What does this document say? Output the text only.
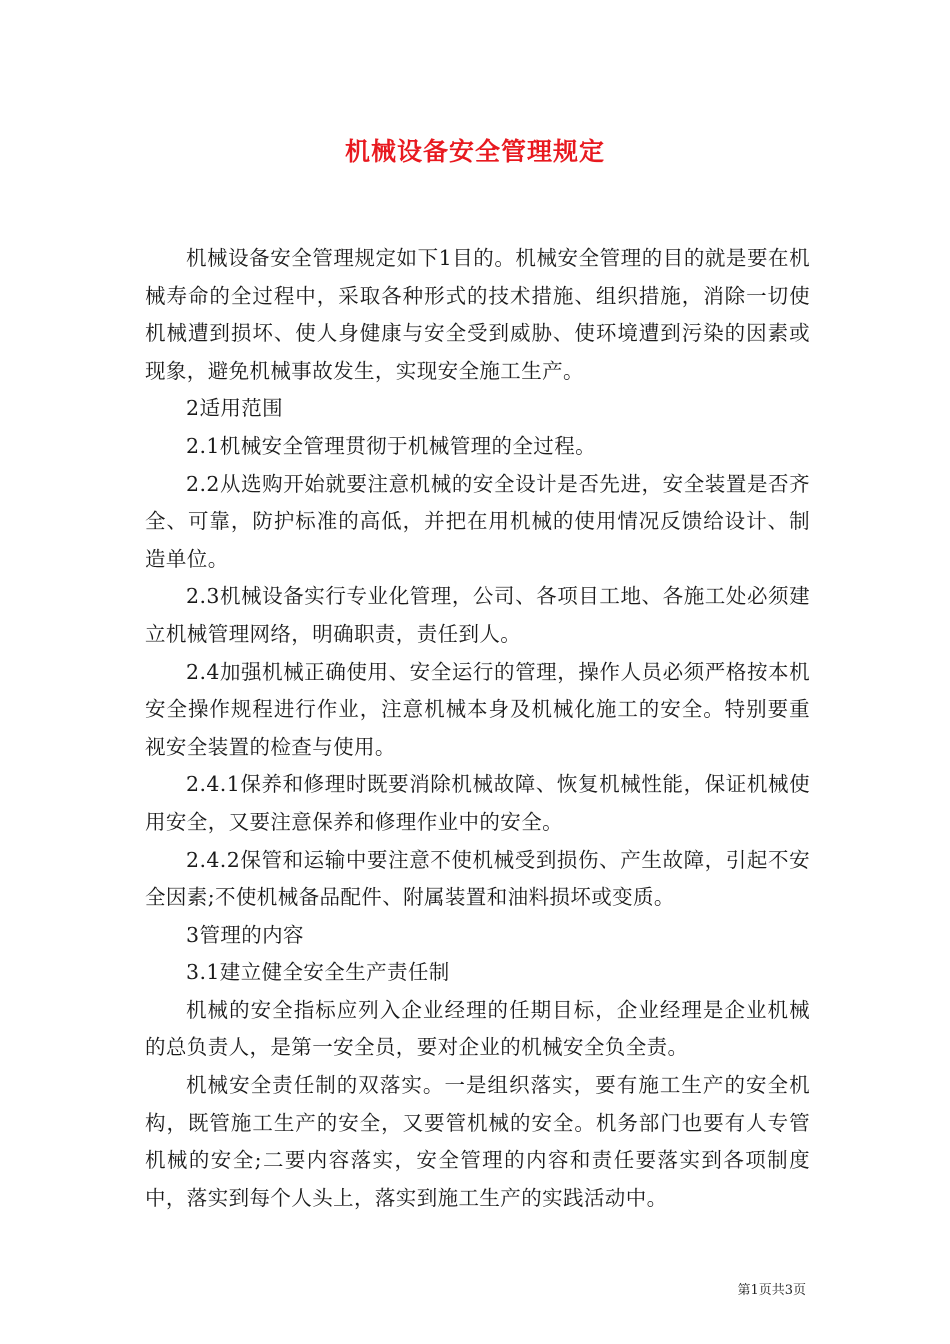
机械设备安全管理规定

机械设备安全管理规定如下1目的。机械安全管理的目的就是要在机械寿命的全过程中，采取各种形式的技术措施、组织措施，消除一切使机械遭到损坏、使人身健康与安全受到威胁、使环境遭到污染的因素或现象，避免机械事故发生，实现安全施工生产。

2适用范围

2.1机械安全管理贯彻于机械管理的全过程。

2.2从选购开始就要注意机械的安全设计是否先进，安全装置是否齐全、可靠，防护标准的高低，并把在用机械的使用情况反馈给设计、制造单位。

2.3机械设备实行专业化管理，公司、各项目工地、各施工处必须建立机械管理网络，明确职责，责任到人。

2.4加强机械正确使用、安全运行的管理，操作人员必须严格按本机安全操作规程进行作业，注意机械本身及机械化施工的安全。特别要重视安全装置的检查与使用。

2.4.1保养和修理时既要消除机械故障、恢复机械性能，保证机械使用安全，又要注意保养和修理作业中的安全。

2.4.2保管和运输中要注意不使机械受到损伤、产生故障，引起不安全因素;不使机械备品配件、附属装置和油料损坏或变质。

3管理的内容

3.1建立健全安全生产责任制

机械的安全指标应列入企业经理的任期目标，企业经理是企业机械的总负责人，是第一安全员，要对企业的机械安全负全责。

机械安全责任制的双落实。一是组织落实，要有施工生产的安全机构，既管施工生产的安全，又要管机械的安全。机务部门也要有人专管机械的安全;二要内容落实，安全管理的内容和责任要落实到各项制度中，落实到每个人头上，落实到施工生产的实践活动中。

第1页共3页
